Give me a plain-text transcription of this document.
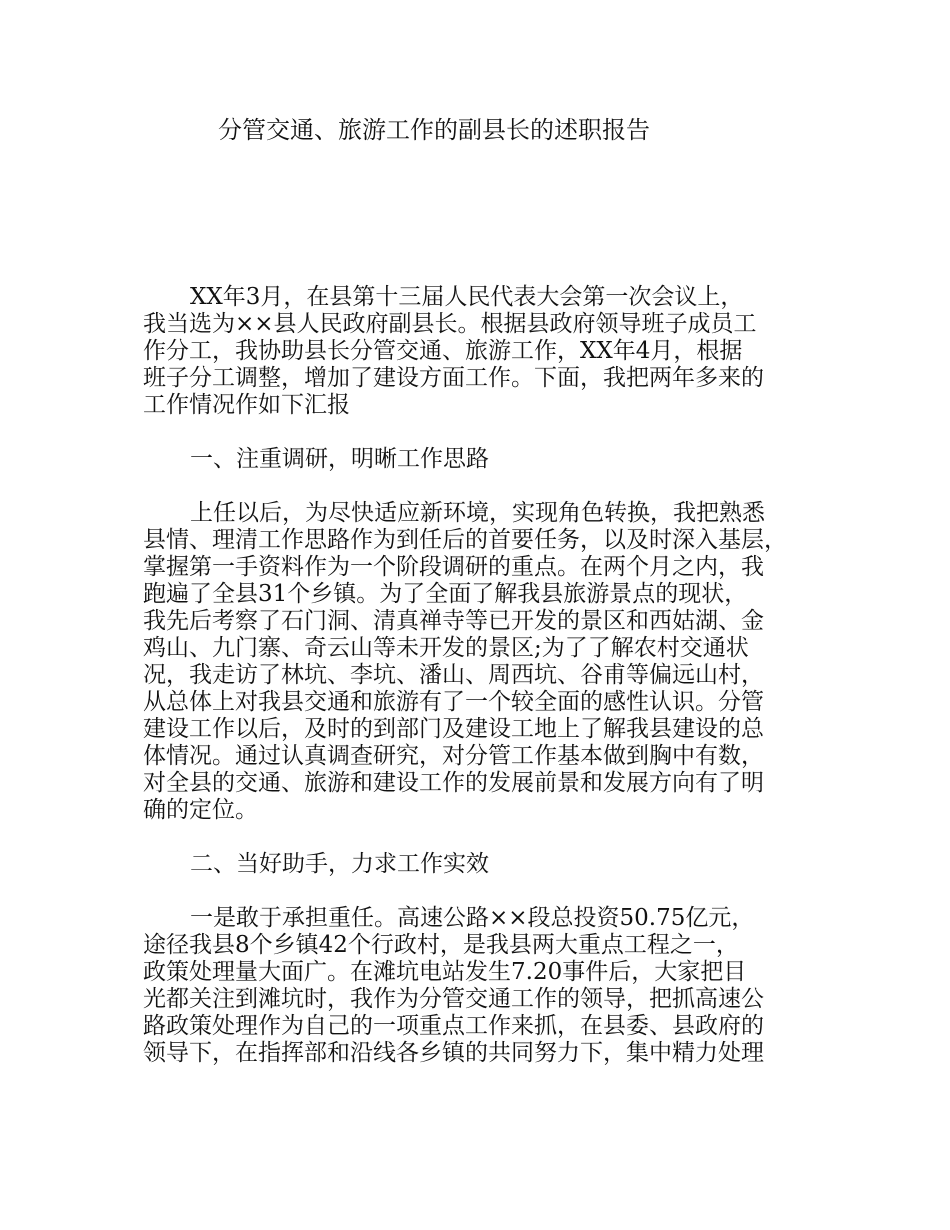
分管交通、旅游工作的副县长的述职报告

XX年3月，在县第十三届人民代表大会第一次会议上，
我当选为××县人民政府副县长。根据县政府领导班子成员工
作分工，我协助县长分管交通、旅游工作，XX年4月，根据
班子分工调整，增加了建设方面工作。下面，我把两年多来的
工作情况作如下汇报

一、注重调研，明晰工作思路

上任以后，为尽快适应新环境，实现角色转换，我把熟悉
县情、理清工作思路作为到任后的首要任务，以及时深入基层，
掌握第一手资料作为一个阶段调研的重点。在两个月之内，我
跑遍了全县31个乡镇。为了全面了解我县旅游景点的现状，
我先后考察了石门洞、清真禅寺等已开发的景区和西姑湖、金
鸡山、九门寨、奇云山等未开发的景区;为了了解农村交通状
况，我走访了林坑、李坑、潘山、周西坑、谷甫等偏远山村，
从总体上对我县交通和旅游有了一个较全面的感性认识。分管
建设工作以后，及时的到部门及建设工地上了解我县建设的总
体情况。通过认真调查研究，对分管工作基本做到胸中有数，
对全县的交通、旅游和建设工作的发展前景和发展方向有了明
确的定位。

二、当好助手，力求工作实效

一是敢于承担重任。高速公路××段总投资50.75亿元，
途径我县8个乡镇42个行政村，是我县两大重点工程之一，
政策处理量大面广。在滩坑电站发生7.20事件后，大家把目
光都关注到滩坑时，我作为分管交通工作的领导，把抓高速公
路政策处理作为自己的一项重点工作来抓，在县委、县政府的
领导下，在指挥部和沿线各乡镇的共同努力下，集中精力处理
